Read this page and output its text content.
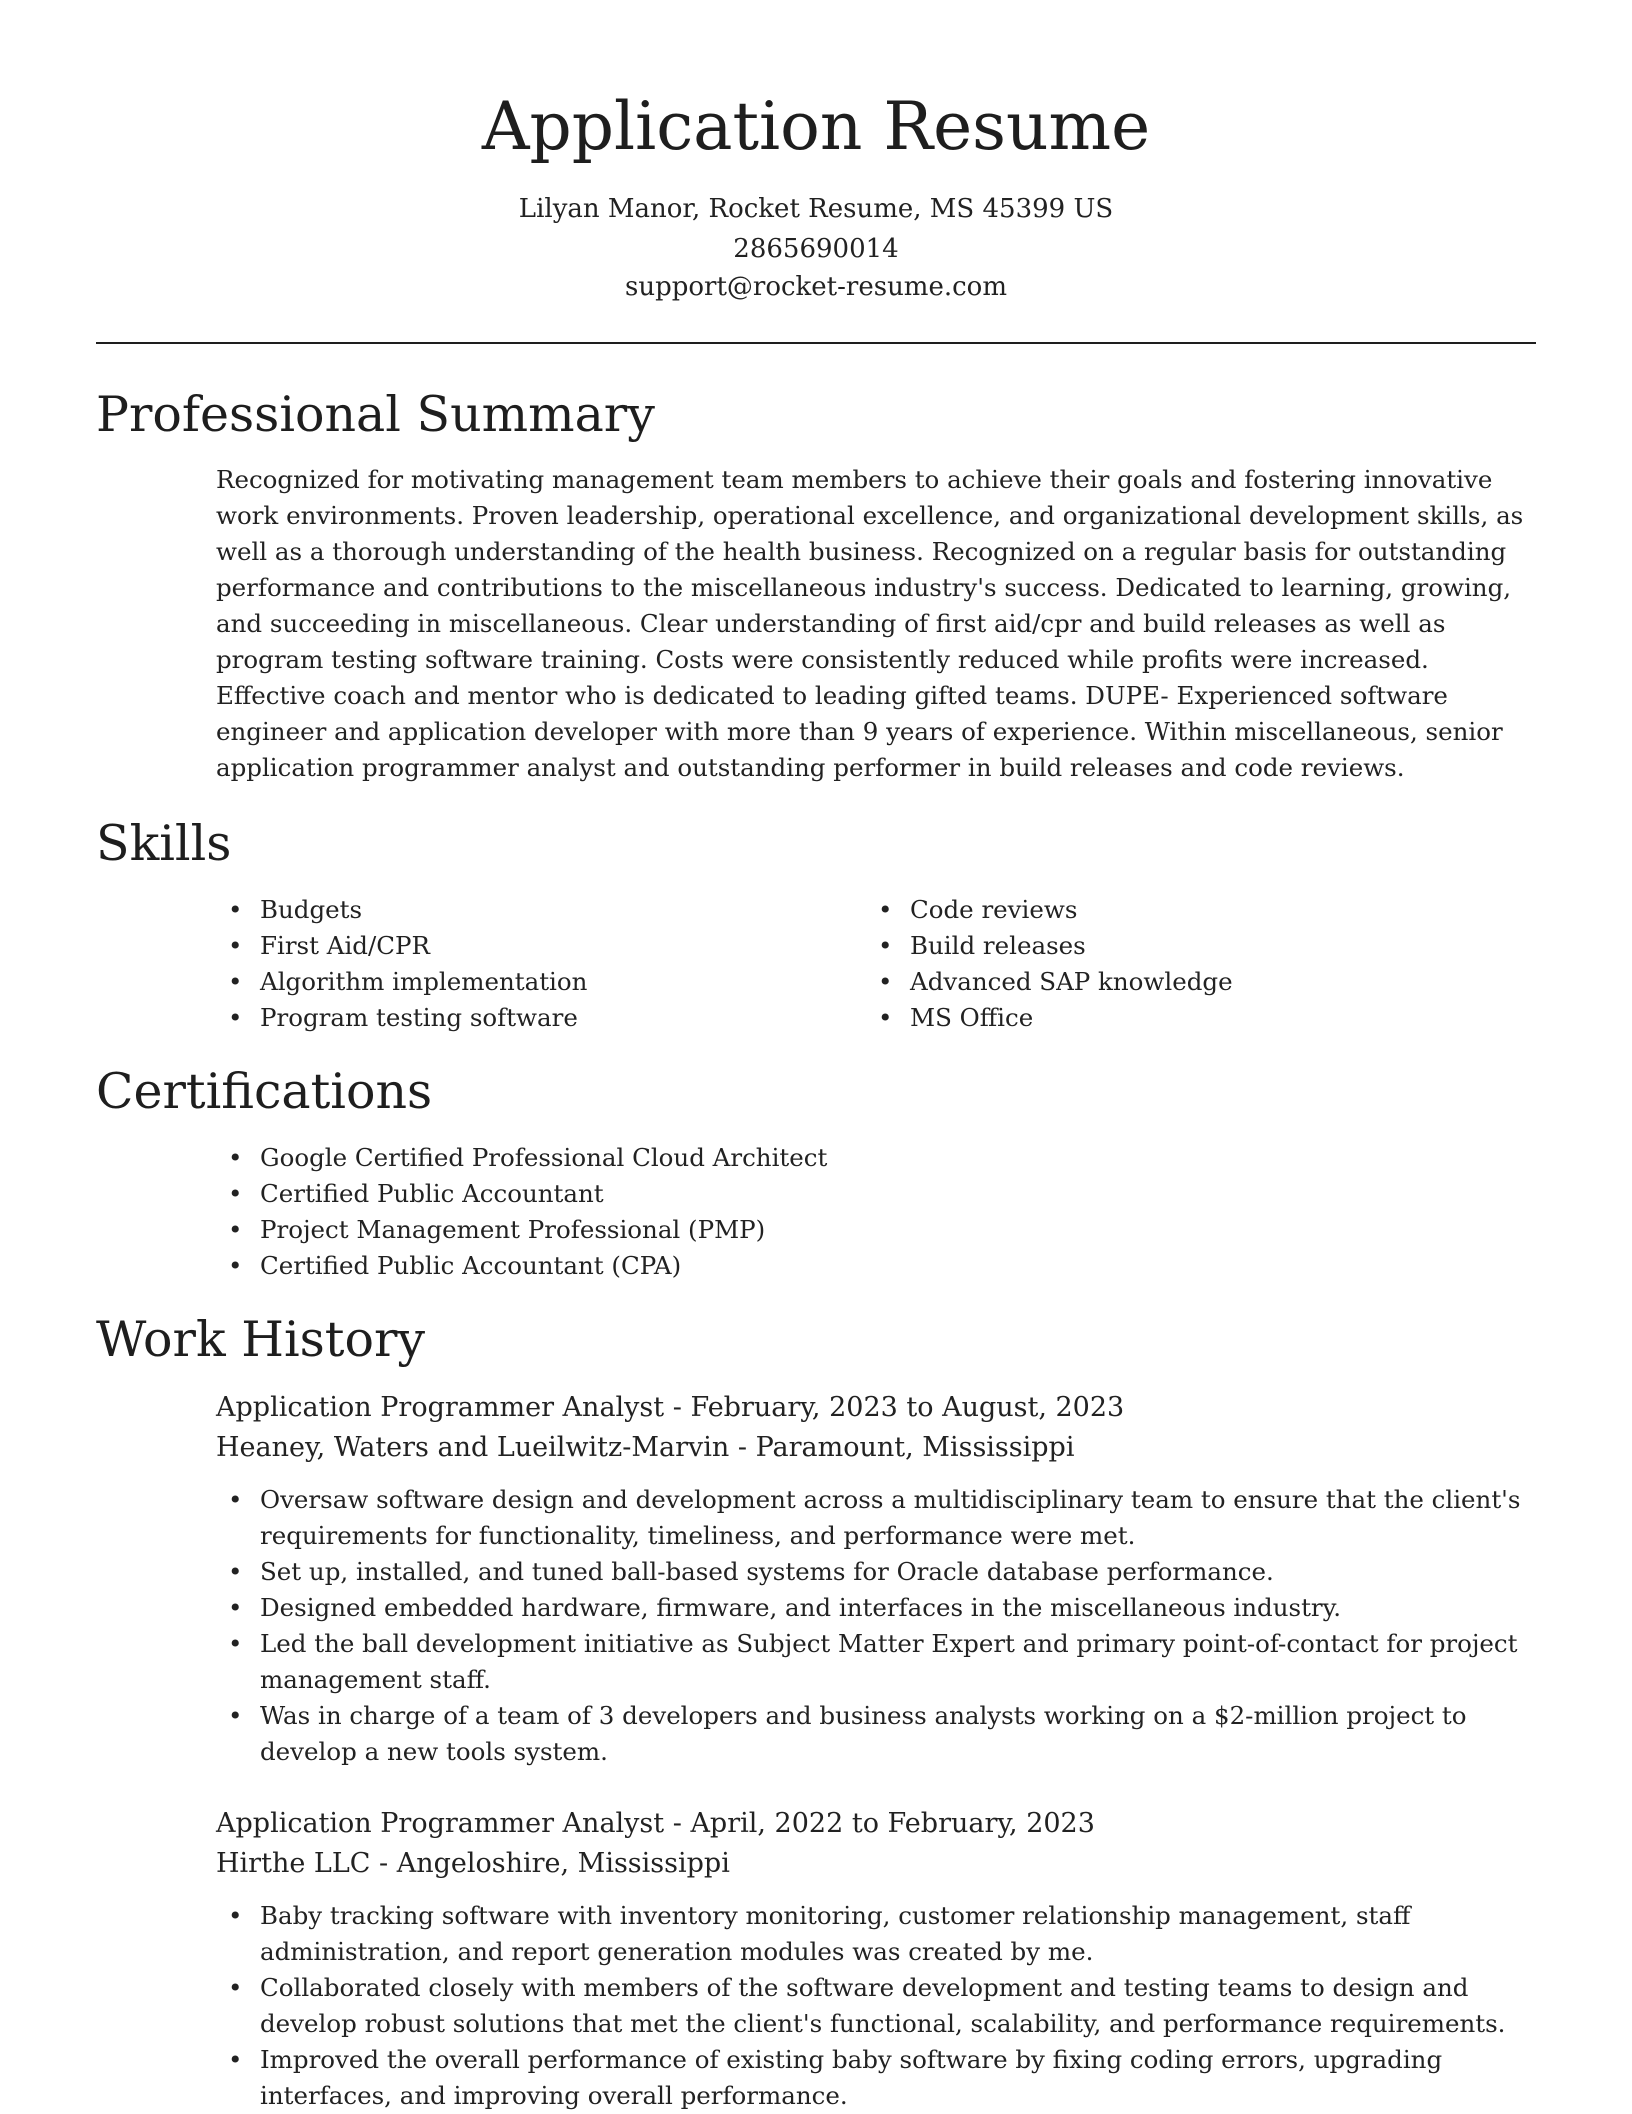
Application Resume
Lilyan Manor, Rocket Resume, MS 45399 US
2865690014
support@rocket-resume.com
Professional Summary

Recognized for motivating management team members to achieve their goals and fostering innovative work environments. Proven leadership, operational excellence, and organizational development skills, as well as a thorough understanding of the health business. Recognized on a regular basis for outstanding performance and contributions to the miscellaneous industry's success. Dedicated to learning, growing, and succeeding in miscellaneous. Clear understanding of first aid/cpr and build releases as well as program testing software training. Costs were consistently reduced while profits were increased. Effective coach and mentor who is dedicated to leading gifted teams. DUPE- Experienced software engineer and application developer with more than 9 years of experience. Within miscellaneous, senior application programmer analyst and outstanding performer in build releases and code reviews.

Skills
• Budgets
• First Aid/CPR
• Algorithm implementation
• Program testing software
• Code reviews
• Build releases
• Advanced SAP knowledge
• MS Office
Certifications
• Google Certified Professional Cloud Architect
• Certified Public Accountant
• Project Management Professional (PMP)
• Certified Public Accountant (CPA)
Work History
Application Programmer Analyst - February, 2023 to August, 2023
Heaney, Waters and Lueilwitz-Marvin - Paramount, Mississippi
• Oversaw software design and development across a multidisciplinary team to ensure that the client's requirements for functionality, timeliness, and performance were met.
• Set up, installed, and tuned ball-based systems for Oracle database performance.
• Designed embedded hardware, firmware, and interfaces in the miscellaneous industry.
• Led the ball development initiative as Subject Matter Expert and primary point-of-contact for project management staff.
• Was in charge of a team of 3 developers and business analysts working on a $2-million project to develop a new tools system.
Application Programmer Analyst - April, 2022 to February, 2023
Hirthe LLC - Angeloshire, Mississippi
• Baby tracking software with inventory monitoring, customer relationship management, staff administration, and report generation modules was created by me.
• Collaborated closely with members of the software development and testing teams to design and develop robust solutions that met the client's functional, scalability, and performance requirements.
• Improved the overall performance of existing baby software by fixing coding errors, upgrading interfaces, and improving overall performance.
